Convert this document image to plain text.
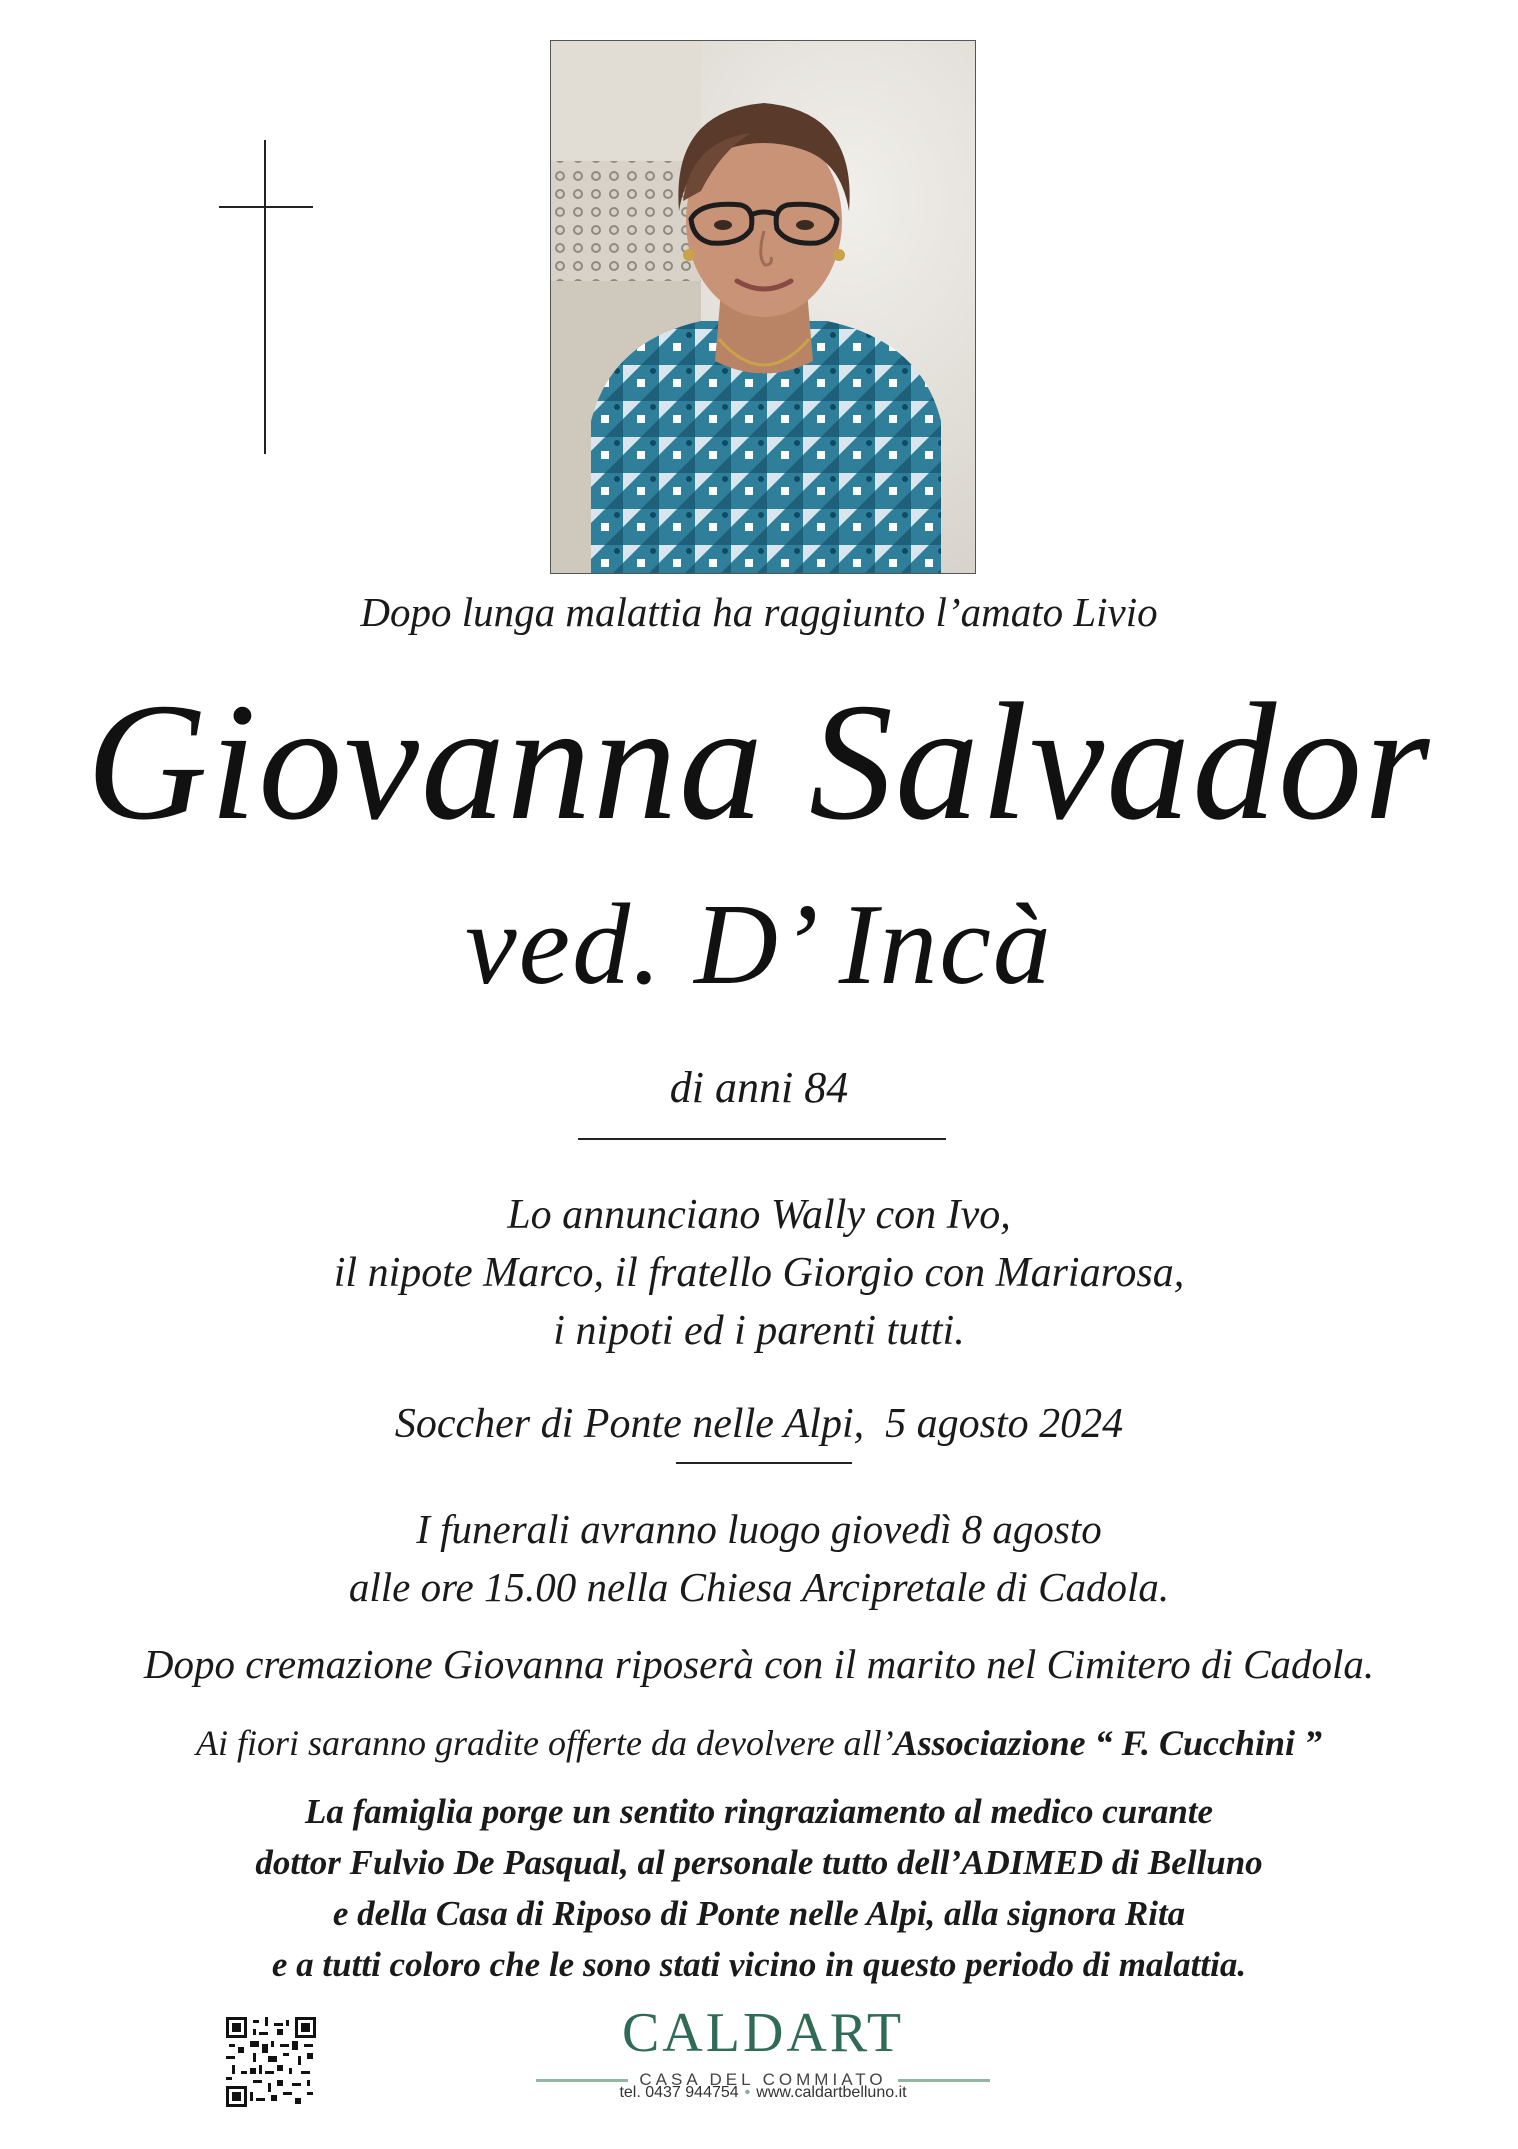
Dopo lunga malattia ha raggiunto l’amato Livio
Giovanna Salvador
ved. D’ Incà
di anni 84
Lo annunciano Wally con Ivo,
il nipote Marco, il fratello Giorgio con Mariarosa,
i nipoti ed i parenti tutti.
Soccher di Ponte nelle Alpi,  5 agosto 2024
I funerali avranno luogo giovedì 8 agosto
alle ore 15.00 nella Chiesa Arcipretale di Cadola.
Dopo cremazione Giovanna riposerà con il marito nel Cimitero di Cadola.
Ai fiori saranno gradite offerte da devolvere all’Associazione “ F. Cucchini ”
La famiglia porge un sentito ringraziamento al medico curante
dottor Fulvio De Pasqual, al personale tutto dell’ADIMED di Belluno
e della Casa di Riposo di Ponte nelle Alpi, alla signora Rita
e a tutti coloro che le sono stati vicino in questo periodo di malattia.
CALDART
CASA DEL COMMIATO
tel. 0437 944754 • www.caldartbelluno.it
